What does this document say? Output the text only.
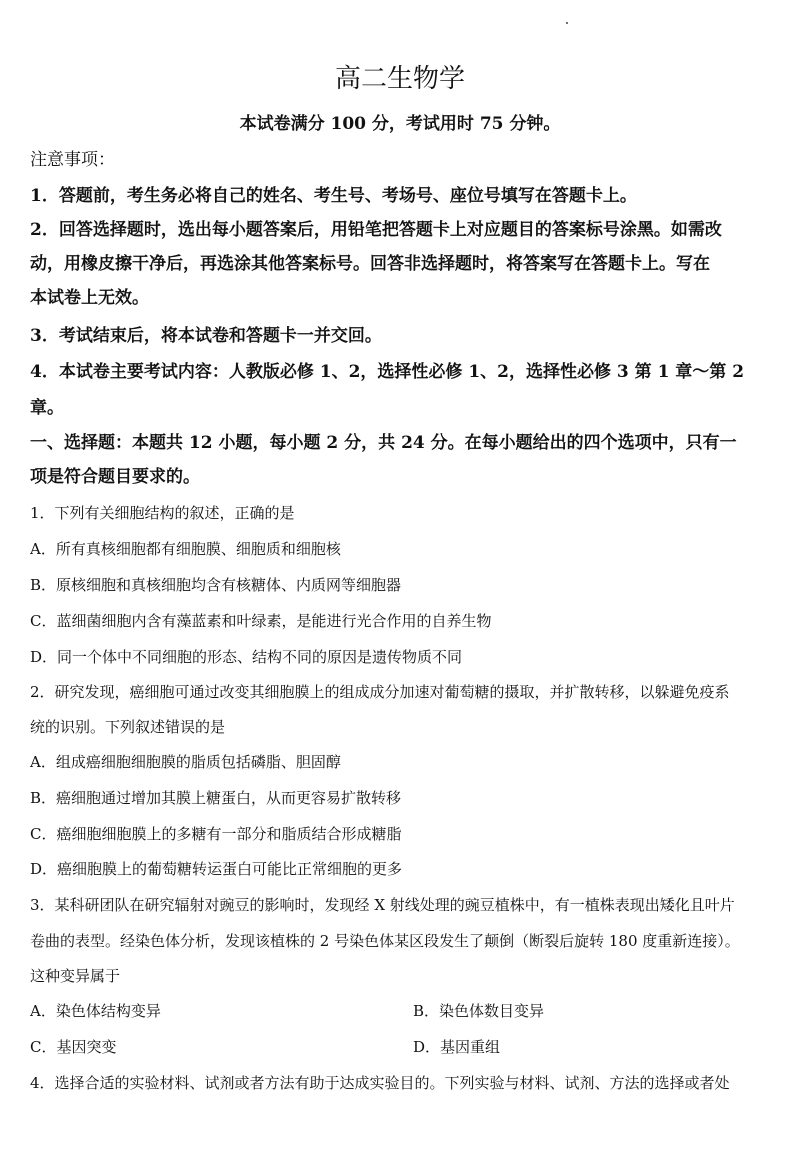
高二生物学
本试卷满分 100 分，考试用时 75 分钟。
注意事项：
1．答题前，考生务必将自己的姓名、考生号、考场号、座位号填写在答题卡上。
2．回答选择题时，选出每小题答案后，用铅笔把答题卡上对应题目的答案标号涂黑。如需改
动，用橡皮擦干净后，再选涂其他答案标号。回答非选择题时，将答案写在答题卡上。写在
本试卷上无效。
3．考试结束后，将本试卷和答题卡一并交回。
4．本试卷主要考试内容：人教版必修 1、2，选择性必修 1、2，选择性必修 3 第 1 章～第 2
章。
一、选择题：本题共 12 小题，每小题 2 分，共 24 分。在每小题给出的四个选项中，只有一
项是符合题目要求的。
1．下列有关细胞结构的叙述，正确的是
A．所有真核细胞都有细胞膜、细胞质和细胞核
B．原核细胞和真核细胞均含有核糖体、内质网等细胞器
C．蓝细菌细胞内含有藻蓝素和叶绿素，是能进行光合作用的自养生物
D．同一个体中不同细胞的形态、结构不同的原因是遗传物质不同
2．研究发现，癌细胞可通过改变其细胞膜上的组成成分加速对葡萄糖的摄取，并扩散转移，以躲避免疫系
统的识别。下列叙述错误的是
A．组成癌细胞细胞膜的脂质包括磷脂、胆固醇
B．癌细胞通过增加其膜上糖蛋白，从而更容易扩散转移
C．癌细胞细胞膜上的多糖有一部分和脂质结合形成糖脂
D．癌细胞膜上的葡萄糖转运蛋白可能比正常细胞的更多
3．某科研团队在研究辐射对豌豆的影响时，发现经 X 射线处理的豌豆植株中，有一植株表现出矮化且叶片
卷曲的表型。经染色体分析，发现该植株的 2 号染色体某区段发生了颠倒（断裂后旋转 180 度重新连接）。
这种变异属于
A．染色体结构变异	B．染色体数目变异
C．基因突变	D．基因重组
4．选择合适的实验材料、试剂或者方法有助于达成实验目的。下列实验与材料、试剂、方法的选择或者处
